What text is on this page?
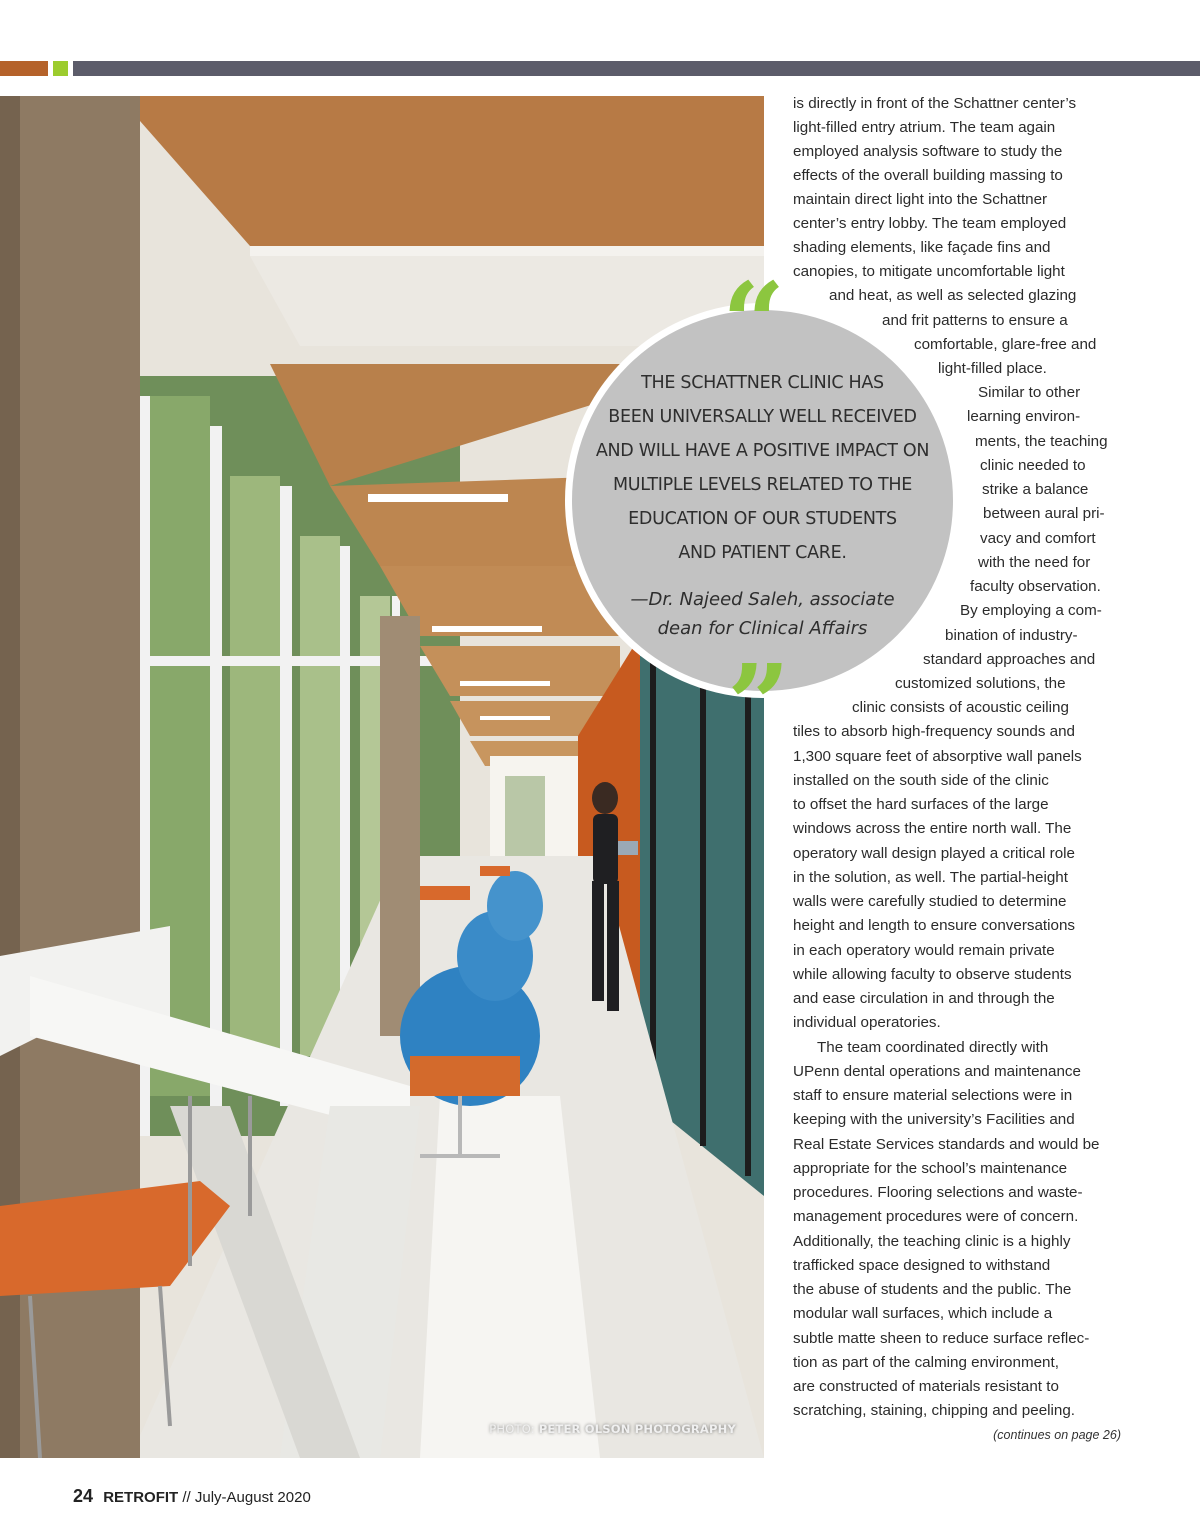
PHOTO: PETER OLSON PHOTOGRAPHY
THE SCHATTNER CLINIC HAS
BEEN UNIVERSALLY WELL RECEIVED
AND WILL HAVE A POSITIVE IMPACT ON
MULTIPLE LEVELS RELATED TO THE
EDUCATION OF OUR STUDENTS
AND PATIENT CARE.
—Dr. Najeed Saleh, associate
dean for Clinical Affairs
“
”
is directly in front of the Schattner center’s
light-filled entry atrium. The team again
employed analysis software to study the
effects of the overall building massing to
maintain direct light into the Schattner
center’s entry lobby. The team employed
shading elements, like façade fins and
canopies, to mitigate uncomfortable light
and heat, as well as selected glazing
and frit patterns to ensure a
comfortable, glare-free and
light-filled place.
Similar to other
learning environ-
ments, the teaching
clinic needed to
strike a balance
between aural pri-
vacy and comfort
with the need for
faculty observation.
By employing a com-
bination of industry-
standard approaches and
customized solutions, the
clinic consists of acoustic ceiling
tiles to absorb high-frequency sounds and
1,300 square feet of absorptive wall panels
installed on the south side of the clinic
to offset the hard surfaces of the large
windows across the entire north wall. The
operatory wall design played a critical role
in the solution, as well. The partial-height
walls were carefully studied to determine
height and length to ensure conversations
in each operatory would remain private
while allowing faculty to observe students
and ease circulation in and through the
individual operatories.
The team coordinated directly with
UPenn dental operations and maintenance
staff to ensure material selections were in
keeping with the university’s Facilities and
Real Estate Services standards and would be
appropriate for the school’s maintenance
procedures. Flooring selections and waste-
management procedures were of concern.
Additionally, the teaching clinic is a highly
trafficked space designed to withstand
the abuse of students and the public. The
modular wall surfaces, which include a
subtle matte sheen to reduce surface reflec-
tion as part of the calming environment,
are constructed of materials resistant to
scratching, staining, chipping and peeling.
(continues on page 26)
24 RETROFIT // July-August 2020
